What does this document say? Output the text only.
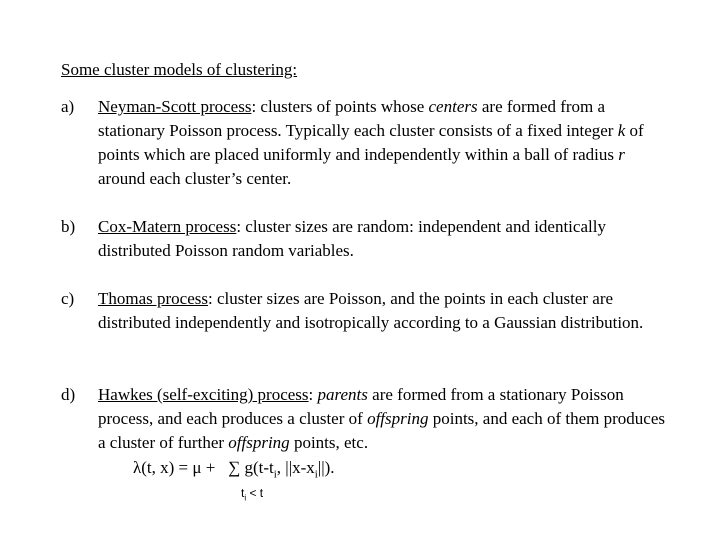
Some cluster models of clustering:
a) Neyman-Scott process: clusters of points whose centers are formed from a stationary Poisson process. Typically each cluster consists of a fixed integer k of points which are placed uniformly and independently within a ball of radius r around each cluster’s center.
b) Cox-Matern process: cluster sizes are random: independent and identically distributed Poisson random variables.
c) Thomas process: cluster sizes are Poisson, and the points in each cluster are distributed independently and isotropically according to a Gaussian distribution.
d) Hawkes (self-exciting) process: parents are formed from a stationary Poisson process, and each produces a cluster of offspring points, and each of them produces a cluster of further offspring points, etc.
λ(t, x) = μ + ∑ $g(t-t_i$, $||x-x_i||$).
$t_i < t$
